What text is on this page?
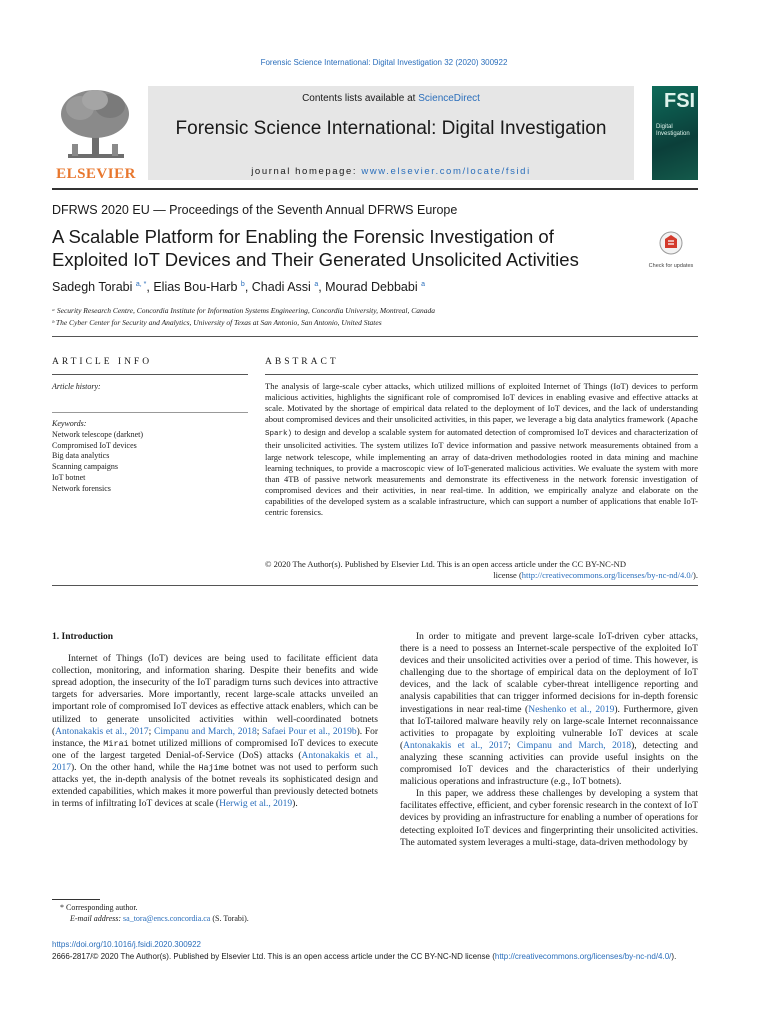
Forensic Science International: Digital Investigation 32 (2020) 300922
ELSEVIER
Contents lists available at ScienceDirect
Forensic Science International: Digital Investigation
journal homepage: www.elsevier.com/locate/fsidi
FSI
Digital Investigation
DFRWS 2020 EU — Proceedings of the Seventh Annual DFRWS Europe
A Scalable Platform for Enabling the Forensic Investigation of
Exploited IoT Devices and Their Generated Unsolicited Activities	Check for updates
Sadegh Torabi $^{a, *}$, Elias Bou-Harb $^b$, Chadi Assi $^a$, Mourad Debbabi $^a$
ᵃ Security Research Centre, Concordia Institute for Information Systems Engineering, Concordia University, Montreal, Canada
ᵇ The Cyber Center for Security and Analytics, University of Texas at San Antonio, San Antonio, United States
ARTICLE INFO
Article history:
Keywords:
Network telescope (darknet)
Compromised IoT devices
Big data analytics
Scanning campaigns
IoT botnet
Network forensics
ABSTRACT
The analysis of large-scale cyber attacks, which utilized millions of exploited Internet of Things (IoT) devices to perform malicious activities, highlights the significant role of compromised IoT devices in enabling evasive and effective attacks at scale. Motivated by the shortage of empirical data related to the deployment of IoT devices, and the lack of understanding about compromised devices and their unsolicited activities, in this paper, we leverage a big data analytics framework (Apache Spark) to design and develop a scalable system for automated detection of compromised IoT devices and characterization of their unsolicited activities. The system utilizes IoT device information and passive network measurements obtained from a large network telescope, while implementing an array of data-driven methodologies rooted in data mining and machine learning techniques, to provide a macroscopic view of IoT-generated malicious activities. We evaluate the system with more than 4TB of passive network measurements and demonstrate its effectiveness in the network forensic investigation of compromised devices and their activities, in near real-time. In addition, we empirically analyze and elaborate on the capabilities of the developed system as a scalable infrastructure, which can support a number of applications that enable IoT-centric forensics.
© 2020 The Author(s). Published by Elsevier Ltd. This is an open access article under the CC BY-NC-ND
license (http://creativecommons.org/licenses/by-nc-nd/4.0/).
1. Introduction

Internet of Things (IoT) devices are being used to facilitate efficient data collection, monitoring, and information sharing. Despite their benefits and wide spread adoption, the insecurity of the IoT paradigm turns such devices into attractive targets for adversaries. More importantly, recent large-scale attacks unveiled an important role of compromised IoT devices as effective attack enablers, which can be utilized to generate unsolicited activities within well-coordinated botnets (Antonakakis et al., 2017; Cimpanu and March, 2018; Safaei Pour et al., 2019b). For instance, the Mirai botnet utilized millions of compromised IoT devices to execute one of the largest targeted Denial-of-Service (DoS) attacks (Antonakakis et al., 2017). On the other hand, while the Hajime botnet was not used to perform such attacks yet, the in-depth analysis of the botnet reveals its sophisticated design and extended capabilities, which makes it more powerful than previously detected botnets in terms of infiltrating IoT devices at scale (Herwig et al., 2019).

In order to mitigate and prevent large-scale IoT-driven cyber attacks, there is a need to possess an Internet-scale perspective of the exploited IoT devices and their unsolicited activities over a period of time. This however, is challenging due to the shortage of empirical data on the deployment of IoT devices, and the lack of scalable cyber-threat intelligence reporting and analysis capabilities that can trigger informed decisions for in-depth forensic investigations in near real-time (Neshenko et al., 2019). Furthermore, given that IoT-tailored malware heavily rely on large-scale Internet reconnaissance activities to propagate by exploiting vulnerable IoT devices at scale (Antonakakis et al., 2017; Cimpanu and March, 2018), detecting and analyzing these scanning activities can provide useful insights on the compromised IoT devices and the characteristics of their underlying malicious operations and infrastructure (e.g., IoT botnets).

In this paper, we address these challenges by developing a system that facilitates effective, efficient, and cyber forensic research in the context of IoT devices by providing an infrastructure for enabling a number of operations for detecting exploited IoT devices and fingerprinting their unsolicited activities. The automated system leverages a multi-stage, data-driven methodology by

* Corresponding author.
E-mail address: sa_tora@encs.concordia.ca (S. Torabi).
https://doi.org/10.1016/j.fsidi.2020.300922
2666-2817/© 2020 The Author(s). Published by Elsevier Ltd. This is an open access article under the CC BY-NC-ND license (http://creativecommons.org/licenses/by-nc-nd/4.0/).
